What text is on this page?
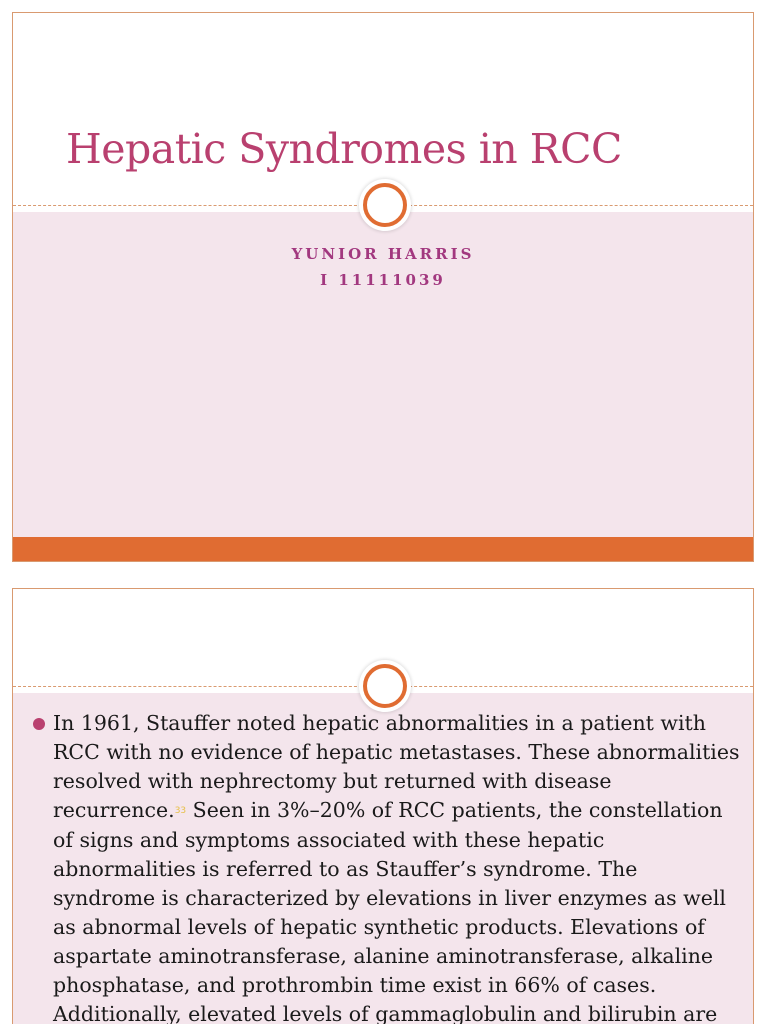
Hepatic Syndromes in RCC
YUNIOR HARRIS
I 11111039

In 1961, Stauffer noted hepatic abnormalities in a patient with RCC with no evidence of hepatic metastases. These abnormalities resolved with nephrectomy but returned with disease recurrence.33 Seen in 3%–20% of RCC patients, the constellation of signs and symptoms associated with these hepatic abnormalities is referred to as Stauffer’s syndrome. The syndrome is characterized by elevations in liver enzymes as well as abnormal levels of hepatic synthetic products. Elevations of aspartate aminotransferase, alanine aminotransferase, alkaline phosphatase, and prothrombin time exist in 66% of cases. Additionally, elevated levels of gammaglobulin and bilirubin are
